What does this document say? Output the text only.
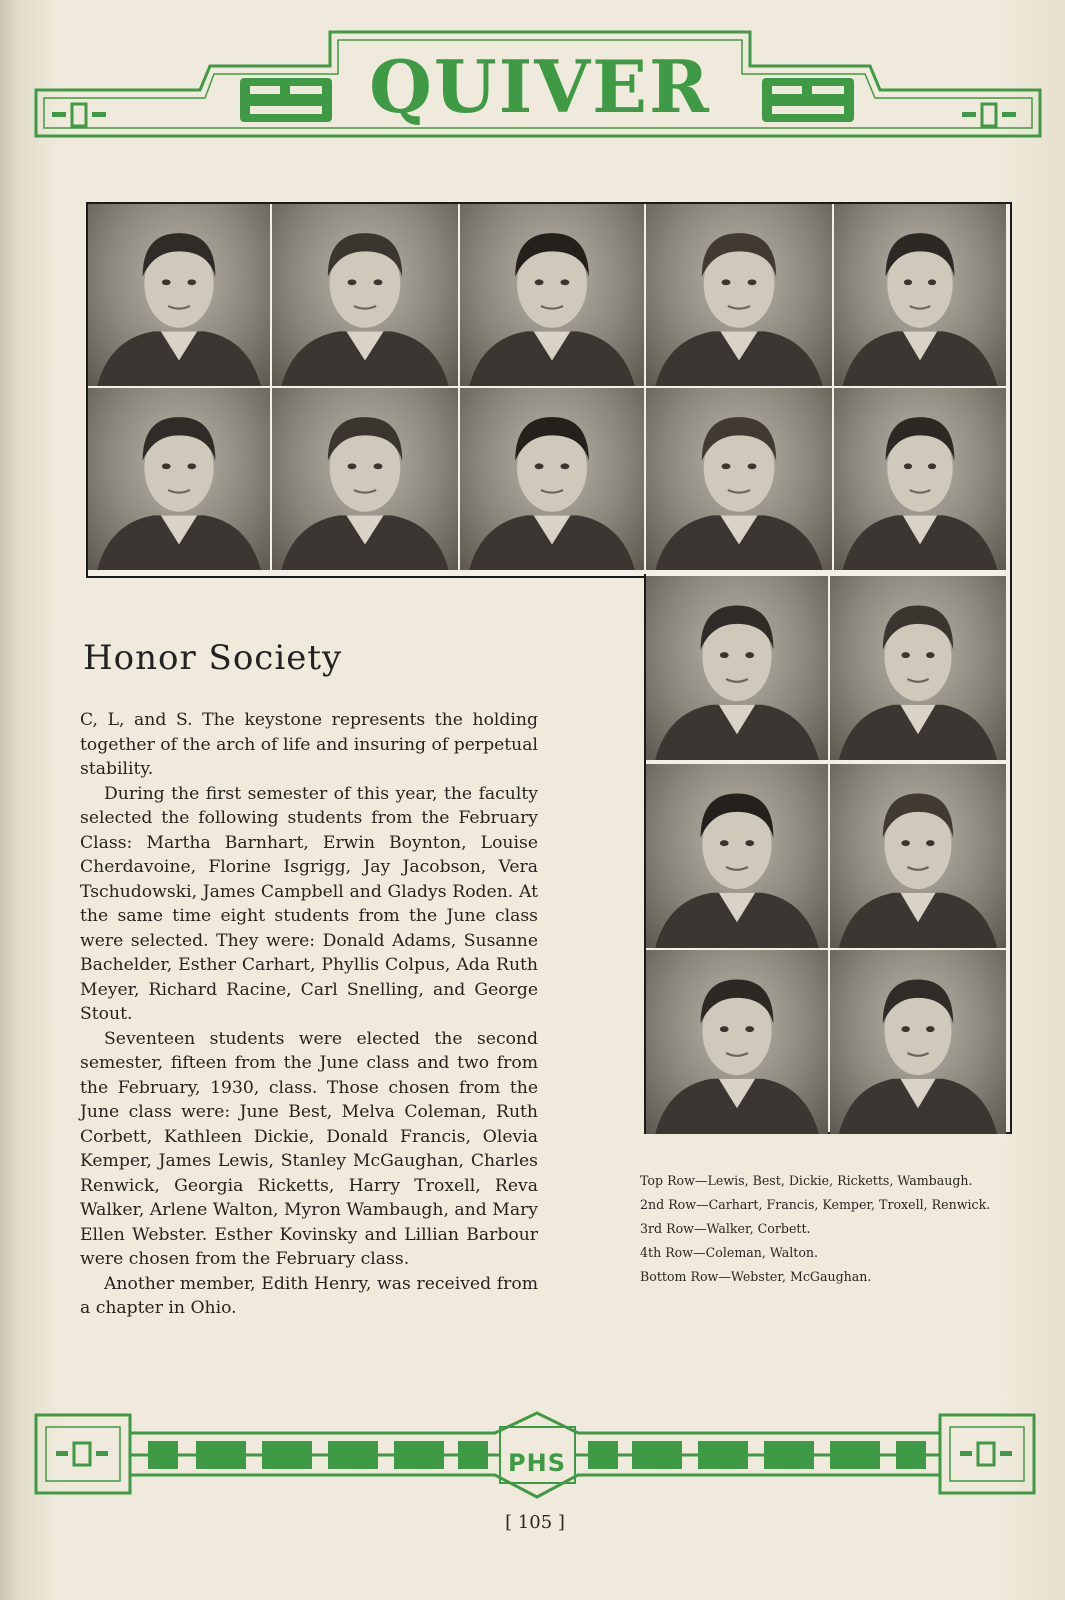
QUIVER
Honor Society

C, L, and S. The keystone represents the holding together of the arch of life and insuring of perpetual stability.

During the first semester of this year, the faculty selected the following students from the February Class: Martha Barnhart, Erwin Boynton, Louise Cherdavoine, Florine Isgrigg, Jay Jacobson, Vera Tschudowski, James Campbell and Gladys Roden. At the same time eight students from the June class were selected. They were: Donald Adams, Susanne Bachelder, Esther Carhart, Phyllis Colpus, Ada Ruth Meyer, Richard Racine, Carl Snelling, and George Stout.

Seventeen students were elected the second semester, fifteen from the June class and two from the February, 1930, class. Those chosen from the June class were: June Best, Melva Coleman, Ruth Corbett, Kathleen Dickie, Donald Francis, Olevia Kemper, James Lewis, Stanley McGaughan, Charles Renwick, Georgia Ricketts, Harry Troxell, Reva Walker, Arlene Walton, Myron Wambaugh, and Mary Ellen Webster. Esther Kovinsky and Lillian Barbour were chosen from the February class.

Another member, Edith Henry, was received from a chapter in Ohio.

Top Row—Lewis, Best, Dickie, Ricketts, Wambaugh.
2nd Row—Carhart, Francis, Kemper, Troxell, Renwick.
3rd Row—Walker, Corbett.
4th Row—Coleman, Walton.
Bottom Row—Webster, McGaughan.
PHS
[ 105 ]
